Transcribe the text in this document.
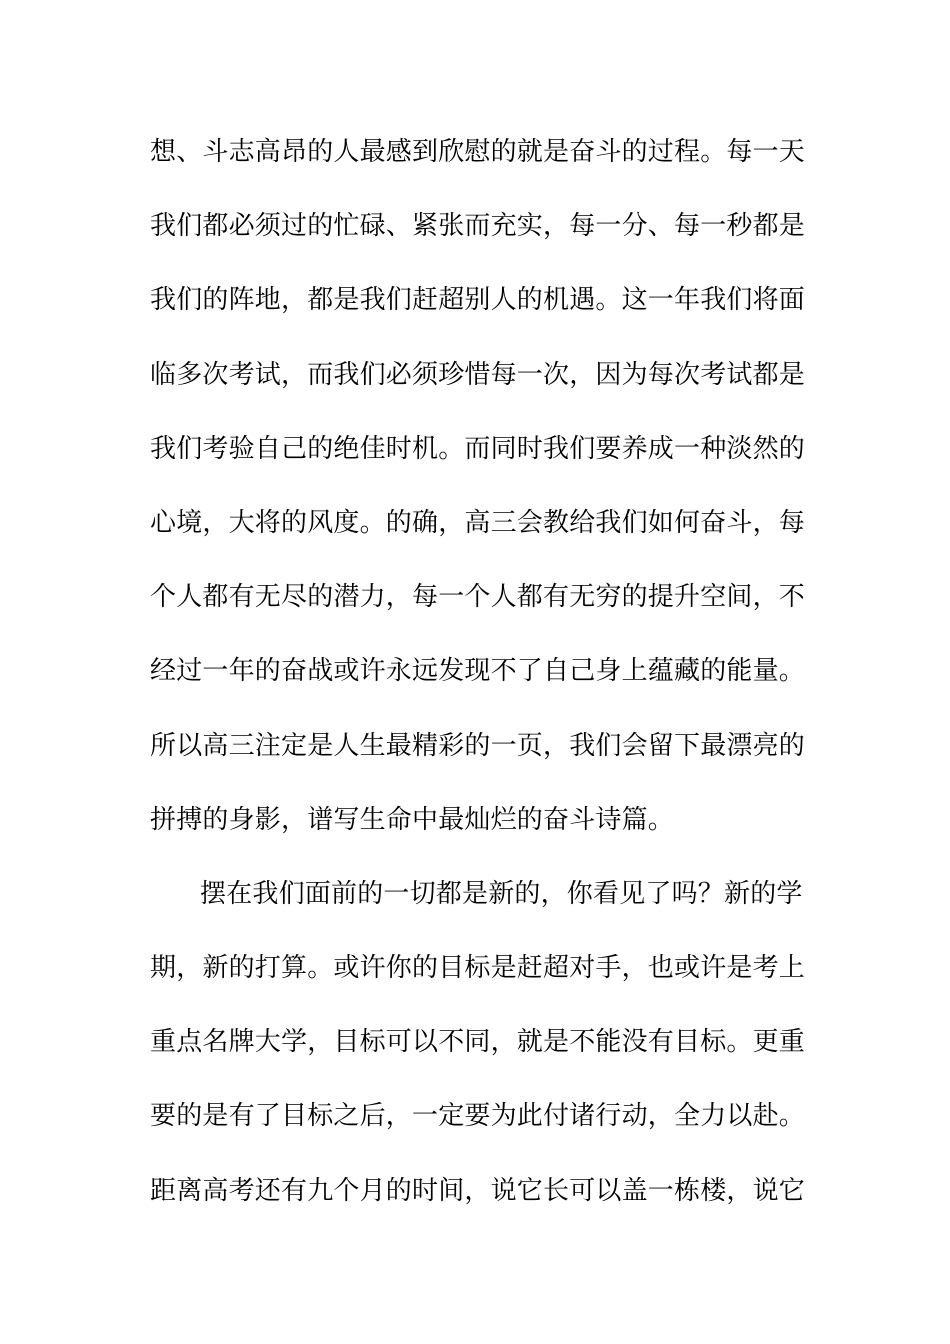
想、斗志高昂的人最感到欣慰的就是奋斗的过程。每一天
我们都必须过的忙碌、紧张而充实，每一分、每一秒都是
我们的阵地，都是我们赶超别人的机遇。这一年我们将面
临多次考试，而我们必须珍惜每一次，因为每次考试都是
我们考验自己的绝佳时机。而同时我们要养成一种淡然的
心境，大将的风度。的确，高三会教给我们如何奋斗，每
个人都有无尽的潜力，每一个人都有无穷的提升空间，不
经过一年的奋战或许永远发现不了自己身上蕴藏的能量。
所以高三注定是人生最精彩的一页，我们会留下最漂亮的
拼搏的身影，谱写生命中最灿烂的奋斗诗篇。
摆在我们面前的一切都是新的，你看见了吗？新的学
期，新的打算。或许你的目标是赶超对手，也或许是考上
重点名牌大学，目标可以不同，就是不能没有目标。更重
要的是有了目标之后，一定要为此付诸行动，全力以赴。
距离高考还有九个月的时间，说它长可以盖一栋楼，说它
